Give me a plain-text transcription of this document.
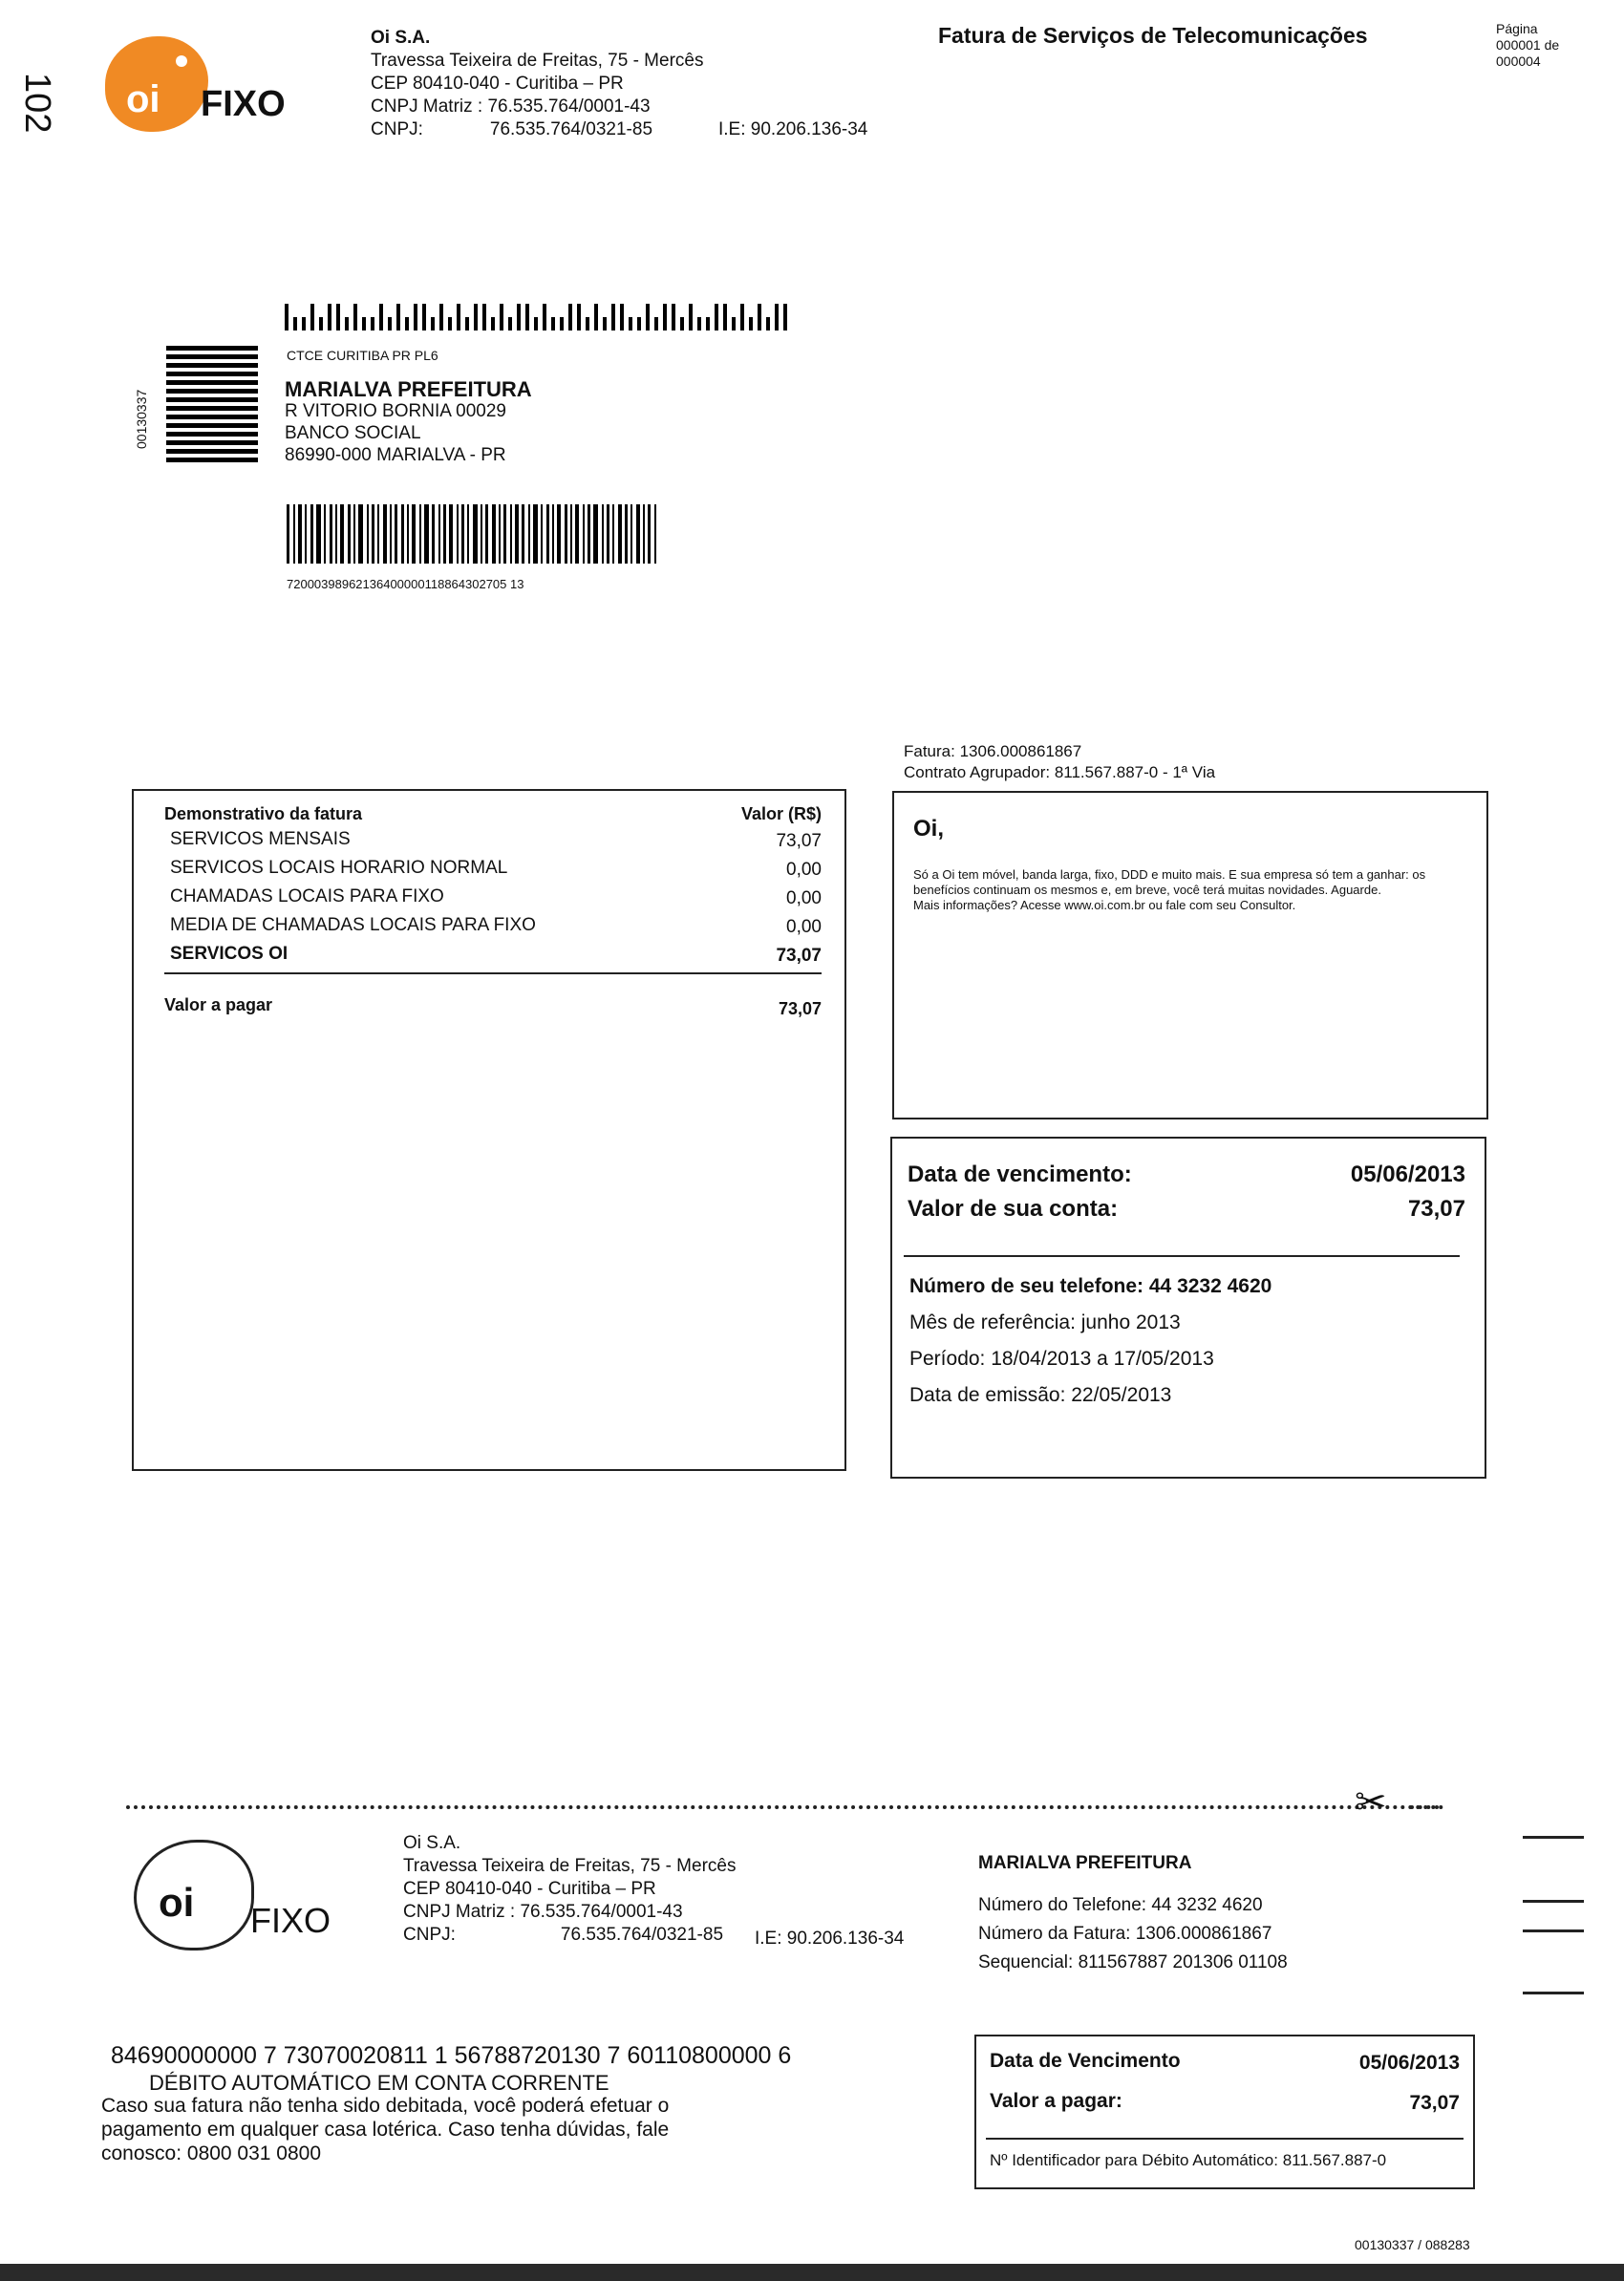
102 oi FIXO
Oi S.A.
Travessa Teixeira de Freitas, 75 - Mercês
CEP 80410-040 - Curitiba – PR
CNPJ Matriz : 76.535.764/0001-43
CNPJ:	76.535.764/0321-85	I.E: 90.206.136-34
Fatura de Serviços de Telecomunicações	Página
000001 de
000004
00130337
CTCE CURITIBA PR PL6
MARIALVA PREFEITURA
R VITORIO BORNIA 00029
BANCO SOCIAL
86990-000 MARIALVA - PR
72000398962136400000118864302705 13
Fatura: 1306.000861867
Contrato Agrupador: 811.567.887-0 - 1ª Via
Demonstrativo da fatura	Valor (R$)
SERVICOS MENSAIS	73,07
SERVICOS LOCAIS HORARIO NORMAL	0,00
CHAMADAS LOCAIS PARA FIXO	0,00
MEDIA DE CHAMADAS LOCAIS PARA FIXO	0,00
SERVICOS OI	73,07
Valor a pagar	73,07
Oi,
Só a Oi tem móvel, banda larga, fixo, DDD e muito mais. E sua empresa só tem a ganhar: os benefícios continuam os mesmos e, em breve, você terá muitas novidades. Aguarde.
Mais informações? Acesse www.oi.com.br ou fale com seu Consultor.
Data de vencimento:	05/06/2013
Valor de sua conta:	73,07
Número de seu telefone: 44 3232 4620
Mês de referência: junho 2013
Período: 18/04/2013 a 17/05/2013
Data de emissão: 22/05/2013
✂
oi FIXO
Oi S.A.
Travessa Teixeira de Freitas, 75 - Mercês
CEP 80410-040 - Curitiba – PR
CNPJ Matriz : 76.535.764/0001-43
CNPJ:	76.535.764/0321-85	I.E: 90.206.136-34
MARIALVA PREFEITURA
Número do Telefone: 44 3232 4620
Número da Fatura: 1306.000861867
Sequencial: 811567887 201306 01108
84690000000 7 73070020811 1 56788720130 7 60110800000 6
DÉBITO AUTOMÁTICO EM CONTA CORRENTE
Caso sua fatura não tenha sido debitada, você poderá efetuar o pagamento em qualquer casa lotérica. Caso tenha dúvidas, fale conosco: 0800 031 0800
Data de Vencimento	05/06/2013
Valor a pagar:	73,07
Nº Identificador para Débito Automático: 811.567.887-0
00130337 / 088283
